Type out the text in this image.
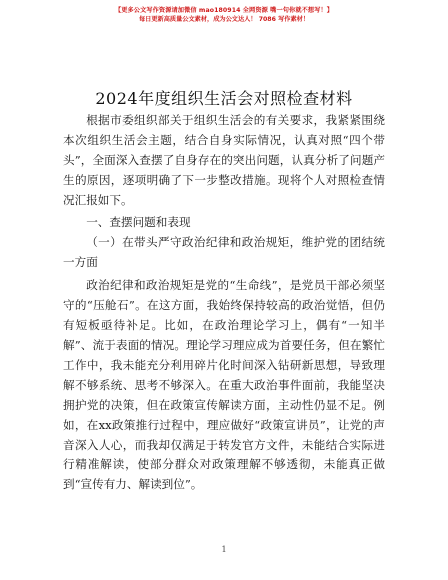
【更多公文写作资源请加微信 mao180914 全网资源 嘴一句你就不想写！】
每日更新高质量公文素材，成为公文达人！ 7086 写作素材！
2024年度组织生活会对照检查材料

根据市委组织部关于组织生活会的有关要求，我紧紧围绕本次组织生活会主题，结合自身实际情况，认真对照“四个带头”，全面深入查摆了自身存在的突出问题，认真分析了问题产生的原因，逐项明确了下一步整改措施。现将个人对照检查情况汇报如下。

一、查摆问题和表现

（一）在带头严守政治纪律和政治规矩，维护党的团结统一方面

政治纪律和政治规矩是党的“生命线”，是党员干部必须坚守的“压舱石”。在这方面，我始终保持较高的政治觉悟，但仍有短板亟待补足。比如，在政治理论学习上，偶有“一知半解”、流于表面的情况。理论学习理应成为首要任务，但在繁忙工作中，我未能充分利用碎片化时间深入钻研新思想，导致理解不够系统、思考不够深入。在重大政治事件面前，我能坚决拥护党的决策，但在政策宣传解读方面，主动性仍显不足。例如，在xx政策推行过程中，理应做好“政策宣讲员”，让党的声音深入人心，而我却仅满足于转发官方文件，未能结合实际进行精准解读，使部分群众对政策理解不够透彻，未能真正做到“宣传有力、解读到位”。

1
